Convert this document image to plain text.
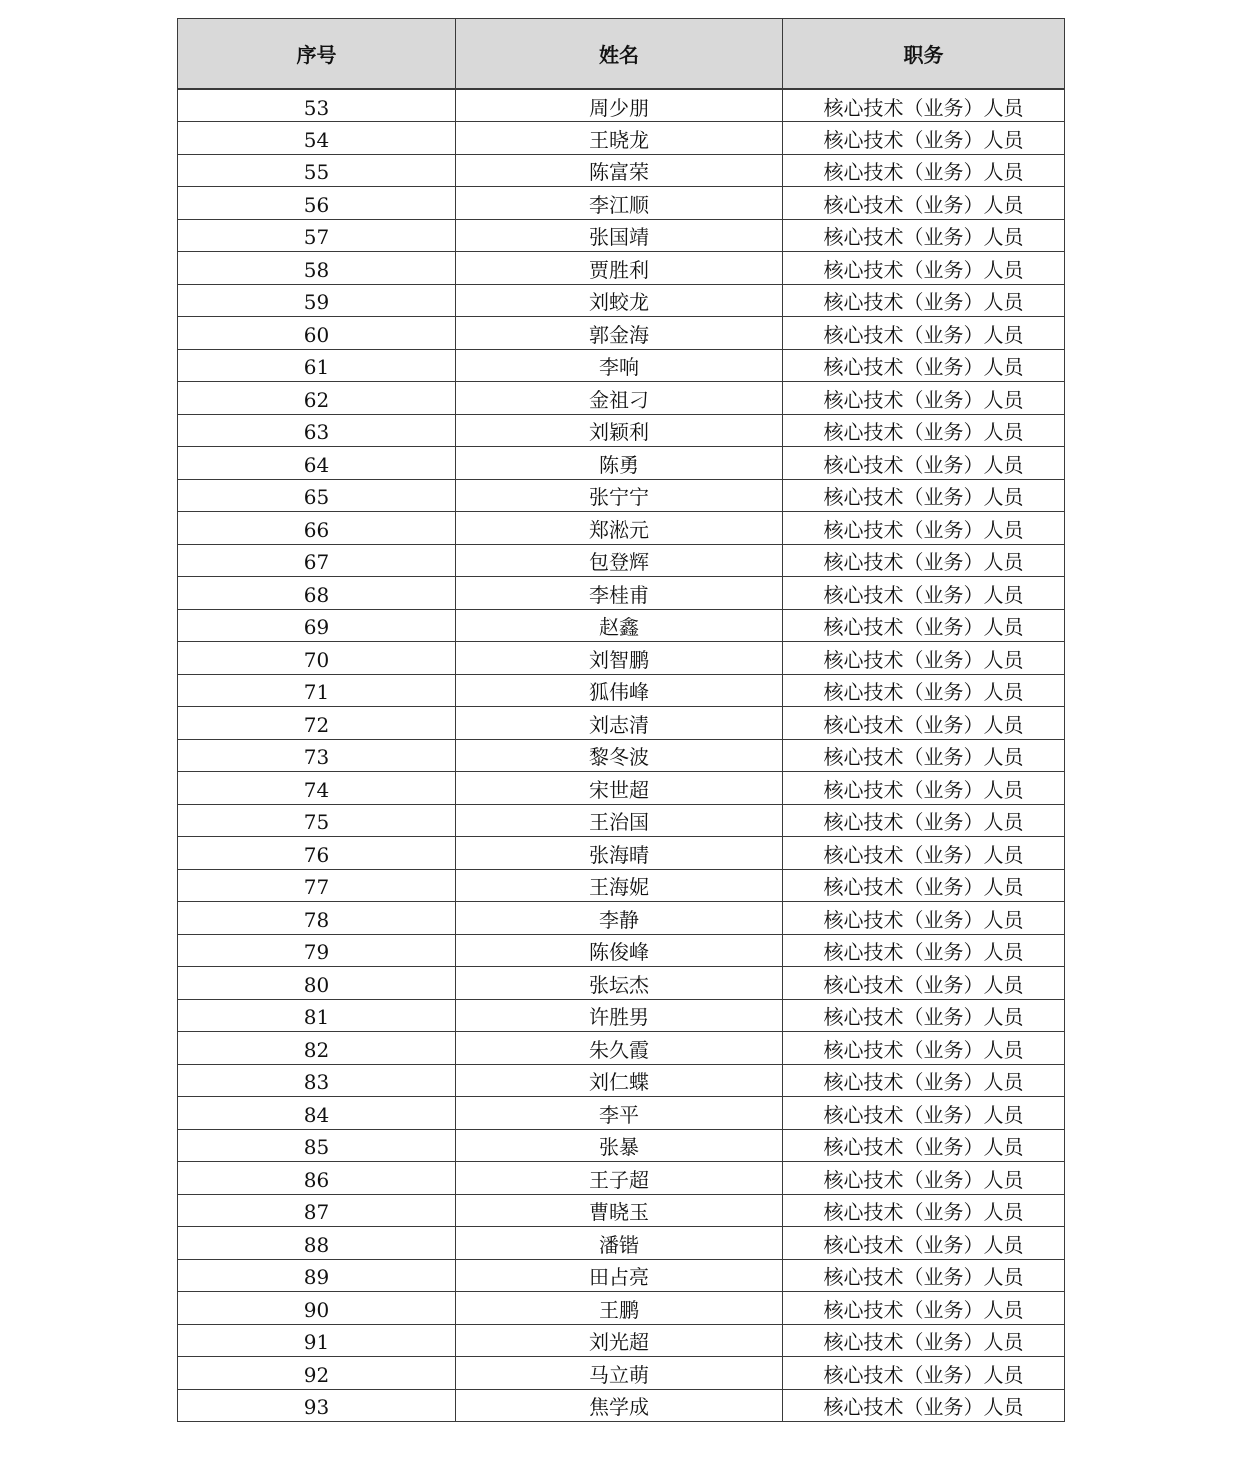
序号	姓名	职务
53	周少朋	核心技术（业务）人员
54	王晓龙	核心技术（业务）人员
55	陈富荣	核心技术（业务）人员
56	李江顺	核心技术（业务）人员
57	张国靖	核心技术（业务）人员
58	贾胜利	核心技术（业务）人员
59	刘蛟龙	核心技术（业务）人员
60	郭金海	核心技术（业务）人员
61	李响	核心技术（业务）人员
62	金祖刁	核心技术（业务）人员
63	刘颖利	核心技术（业务）人员
64	陈勇	核心技术（业务）人员
65	张宁宁	核心技术（业务）人员
66	郑淞元	核心技术（业务）人员
67	包登辉	核心技术（业务）人员
68	李桂甫	核心技术（业务）人员
69	赵鑫	核心技术（业务）人员
70	刘智鹏	核心技术（业务）人员
71	狐伟峰	核心技术（业务）人员
72	刘志清	核心技术（业务）人员
73	黎冬波	核心技术（业务）人员
74	宋世超	核心技术（业务）人员
75	王治国	核心技术（业务）人员
76	张海晴	核心技术（业务）人员
77	王海妮	核心技术（业务）人员
78	李静	核心技术（业务）人员
79	陈俊峰	核心技术（业务）人员
80	张坛杰	核心技术（业务）人员
81	许胜男	核心技术（业务）人员
82	朱久霞	核心技术（业务）人员
83	刘仁蝶	核心技术（业务）人员
84	李平	核心技术（业务）人员
85	张暴	核心技术（业务）人员
86	王子超	核心技术（业务）人员
87	曹晓玉	核心技术（业务）人员
88	潘锴	核心技术（业务）人员
89	田占亮	核心技术（业务）人员
90	王鹏	核心技术（业务）人员
91	刘光超	核心技术（业务）人员
92	马立萌	核心技术（业务）人员
93	焦学成	核心技术（业务）人员
